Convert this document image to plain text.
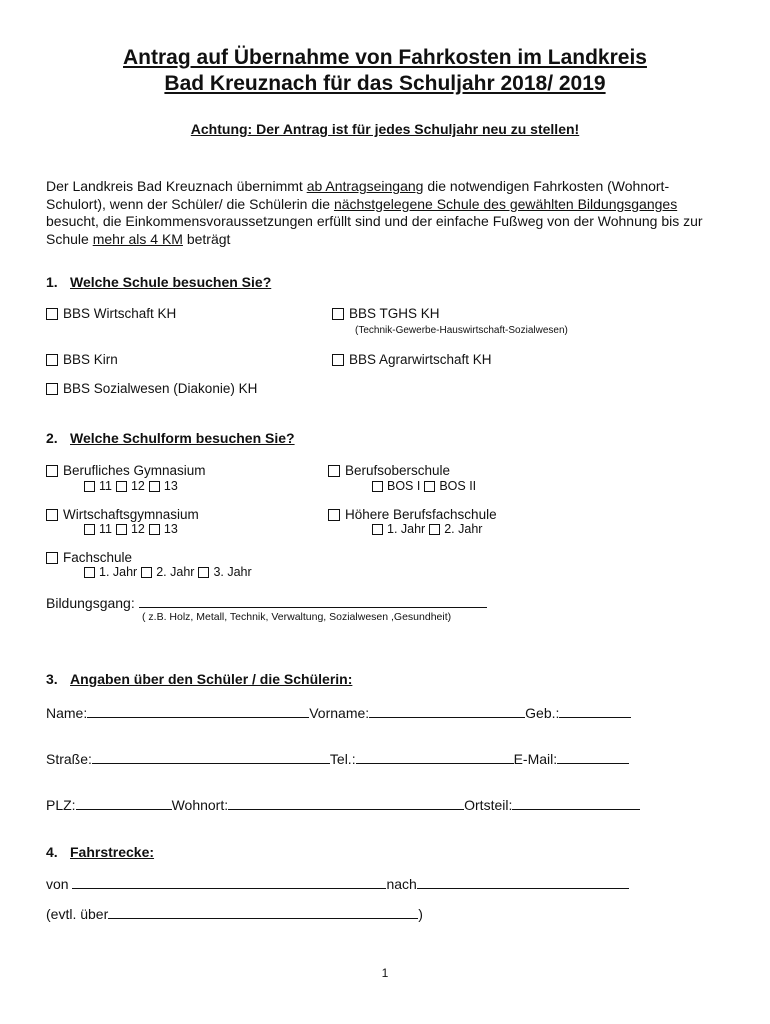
Antrag auf Übernahme von Fahrkosten im Landkreis
Bad Kreuznach für das Schuljahr 2018/ 2019
Achtung: Der Antrag ist für jedes Schuljahr neu zu stellen!
Der Landkreis Bad Kreuznach übernimmt ab Antragseingang die notwendigen Fahrkosten (Wohnort- Schulort), wenn der Schüler/ die Schülerin die nächstgelegene Schule des gewählten Bildungsganges besucht, die Einkommensvoraussetzungen erfüllt sind und der einfache Fußweg von der Wohnung bis zur Schule mehr als 4 KM beträgt
1. Welche Schule besuchen Sie?
BBS Wirtschaft KH	BBS TGHS KH
(Technik-Gewerbe-Hauswirtschaft-Sozialwesen)
BBS Kirn	BBS Agrarwirtschaft KH
BBS Sozialwesen (Diakonie) KH
2. Welche Schulform besuchen Sie?
Berufliches Gymnasium
11 12 13
Berufsoberschule
BOS I BOS II
Wirtschaftsgymnasium
11 12 13
Höhere Berufsfachschule
1. Jahr 2. Jahr
Fachschule
1. Jahr 2. Jahr 3. Jahr
Bildungsgang:
( z.B. Holz, Metall, Technik, Verwaltung, Sozialwesen ,Gesundheit)
3. Angaben über den Schüler / die Schülerin:
Name:	Vorname:	Geb.:
Straße:	Tel.:	E-Mail:
PLZ:	Wohnort:	Ortsteil:
4. Fahrstrecke:
von	nach
(evtl. über	)
1
